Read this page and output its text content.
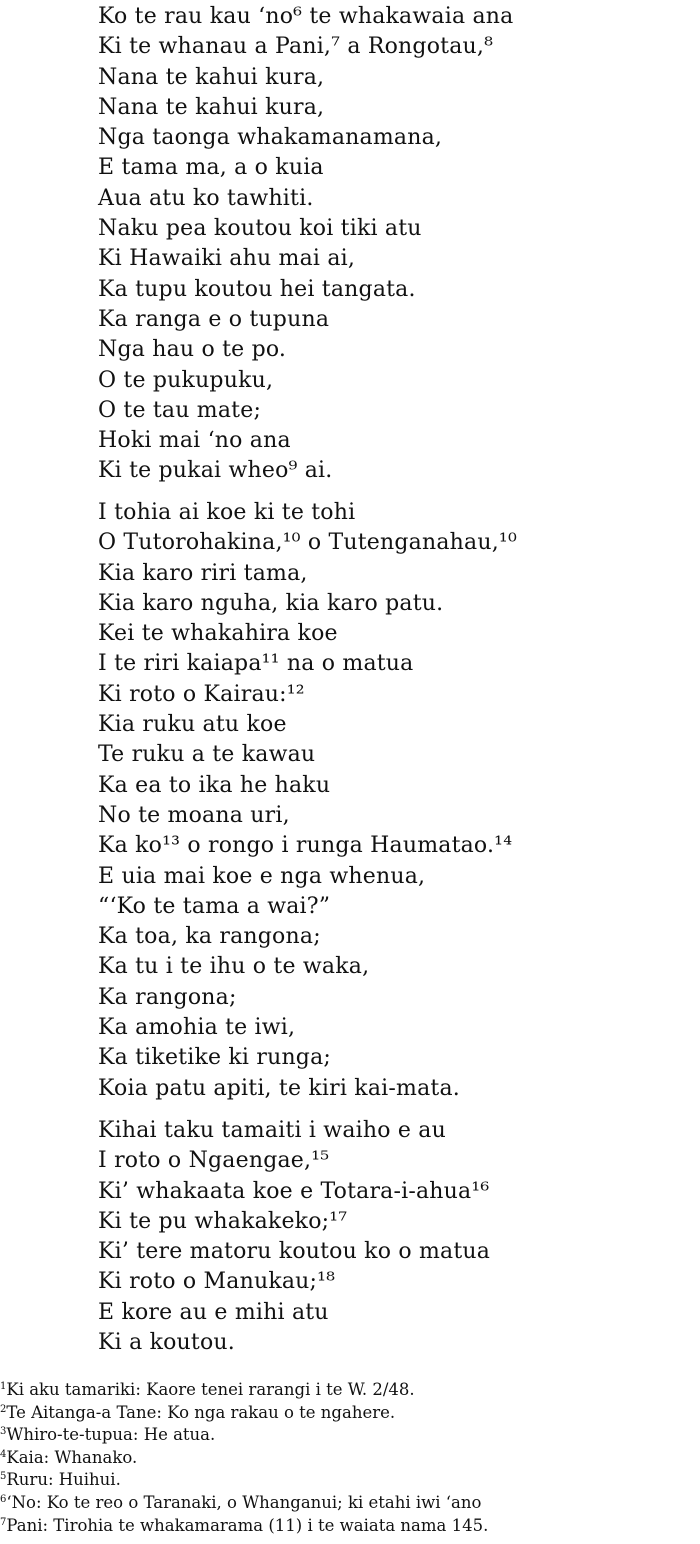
Ko te rau kau ‘no⁶ te whakawaia ana
Ki te whanau a Pani,⁷ a Rongotau,⁸
Nana te kahui kura,
Nana te kahui kura,
Nga taonga whakamanamana,
E tama ma, a o kuia
Aua atu ko tawhiti.
Naku pea koutou koi tiki atu
Ki Hawaiki ahu mai ai,
Ka tupu koutou hei tangata.
Ka ranga e o tupuna
Nga hau o te po.
O te pukupuku,
O te tau mate;
Hoki mai ‘no ana
Ki te pukai wheo⁹ ai.
I tohia ai koe ki te tohi
O Tutorohakina,¹⁰ o Tutenganahau,¹⁰
Kia karo riri tama,
Kia karo nguha, kia karo patu.
Kei te whakahira koe
I te riri kaiapa¹¹ na o matua
Ki roto o Kairau:¹²
Kia ruku atu koe
Te ruku a te kawau
Ka ea to ika he haku
No te moana uri,
Ka ko¹³ o rongo i runga Haumatao.¹⁴
E uia mai koe e nga whenua,
“‘Ko te tama a wai?”
Ka toa, ka rangona;
Ka tu i te ihu o te waka,
Ka rangona;
Ka amohia te iwi,
Ka tiketike ki runga;
Koia patu apiti, te kiri kai-mata.
Kihai taku tamaiti i waiho e au
I roto o Ngaengae,¹⁵
Ki’ whakaata koe e Totara-i-ahua¹⁶
Ki te pu whakakeko;¹⁷
Ki’ tere matoru koutou ko o matua
Ki roto o Manukau;¹⁸
E kore au e mihi atu
Ki a koutou.
$^1$Ki aku tamariki: Kaore tenei rarangi i te W. 2/48.
$^2$Te Aitanga-a Tane: Ko nga rakau o te ngahere.
$^3$Whiro-te-tupua: He atua.
$^4$Kaia: Whanako.
$^5$Ruru: Huihui.
$^6$‘No: Ko te reo o Taranaki, o Whanganui; ki etahi iwi ‘ano
$^7$Pani: Tirohia te whakamarama (11) i te waiata nama 145.
